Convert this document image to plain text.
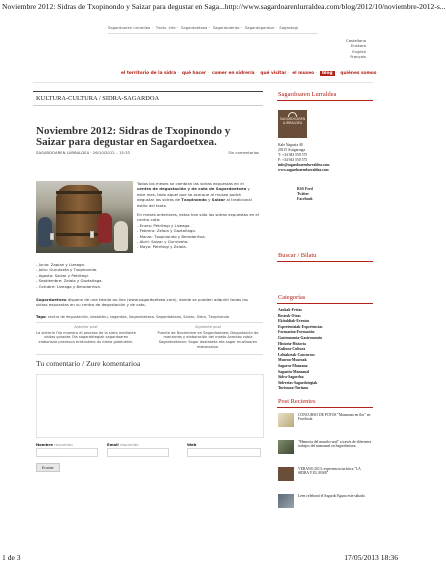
Noviembre 2012: Sidras de Txopinondo y Saizar para degustar en Saga... http://www.sagardoarenlurraldea.com/blog/2012/10/noviembre-2012-s...
Sagardoaren lurraldea · Txots. info · Sagardoetxea · Sagardoderda · Sagardogardoa · Sagastegi
Castellano
Euskara
English
Français
el territorio de la sidra · qué hacer · comer en sidrería · qué visitar · el museo · blog · quiénes somos
KULTURA-CULTURA / SIDRA-SAGARDOA
Noviembre 2012: Sidras de Txopinondo y Saizar para degustar en Sagardoetxea.
SAGARDOAREN LURRALDEA · 26/10/2012 – 15:33	Sin comentarios

Todos los meses se cambian las sidras expuestas en el centro de degustación y de cata de Sagardoetxea y este mes, todo aquel que se acerque al museo podrá degustar las sidras de Txopinondo y Saizar al tradicional estilo del txotx.

En meses anteriores, estas han sido las sidras expuestas en el centro cata:

- Enero: Petritegi y Lizeaga.
- Febrero: Zelaia y Gaztañaga.
- Marzo: Txopinondo y Berodarrtua.
- Abril: Saizar y Gurutzeta.
- Mayo: Petritegi y Zelaia.
- Junio: Zapian y Lizeaga.
- Julio: Gurutzeta y Txopinondo.
- Agosto: Saizar y Petritegi.
- Septiembre: Zelaia y Gaztañaga.
- Octubre: Lizeaga y Berodarrtua.
Sagardoetxea dispone de una tienda on-line (www.sagardoetxea.com), donde se pueden adquirir todas las sidras expuestas en su centro de degustación y de cata.
Tags: centro de degustación, dastaleku, sagardoa, Sagardoetxea, Sagardoetxea, Saizar, Sidra, Txopinondo
Anterior post
La sidrería Ola muestra el proceso de la sidra mediante visitas guiadas Ola sagardotegiak sagardoaren elaborazio prozesua erakusteko du bisita gidatuekin.
Siguiente post
Puente de Noviembre en Sagardoetxea: Degustación de manzanas y elaboración del mosto Azaroko zubia Sagardoetxean: Sagar dastaketa eta sagar muztioaren elaborazioa.
Tu comentario / Zure komentarioa
Nombre requerido	Email requerido	Web
Enviar
Sagardoaren Lurraldea
SAGARDOAREN
LURRALDEA
Kale Nagusia 48
20115 Astigarraga
T: +34 943 550 575
F: +34 943 550 575
info@sagardoarenlurraldea.com
www.sagardoarenlurraldea.com
RSS Feed
Twitter
Facebook
Buscar / Bilatu
Categorías
Azokak-Ferias
Bestesk-Otras
Ekitaldiak-Eventos
Esperientziak-Experiencias
Formazioa-Formación
Gastronomia-Gastronomía
Historia-Historia
Kultura-Cultura
Lehiaketak-Concursos
Museoa-Museoak
Sagarra-Manzana
Sagastiu-Manzanal
Sidra-Sagardoa
Sidrerías-Sagardotegiak
Turismoa-Turismo
Post Recientes
CONCURSO DE FOTOS "Manzanas en flor" en Facebook.
"Memoria del mundo rural" a través de diferentes trabajos del manzanal en Sagardoetxea.
VERANO 2013: experiencia turística "LA SIDRA Y EL MAR"
Leen celebrará el Sagardo Eguna este sábado.
1 de 3	17/05/2013 18:36
